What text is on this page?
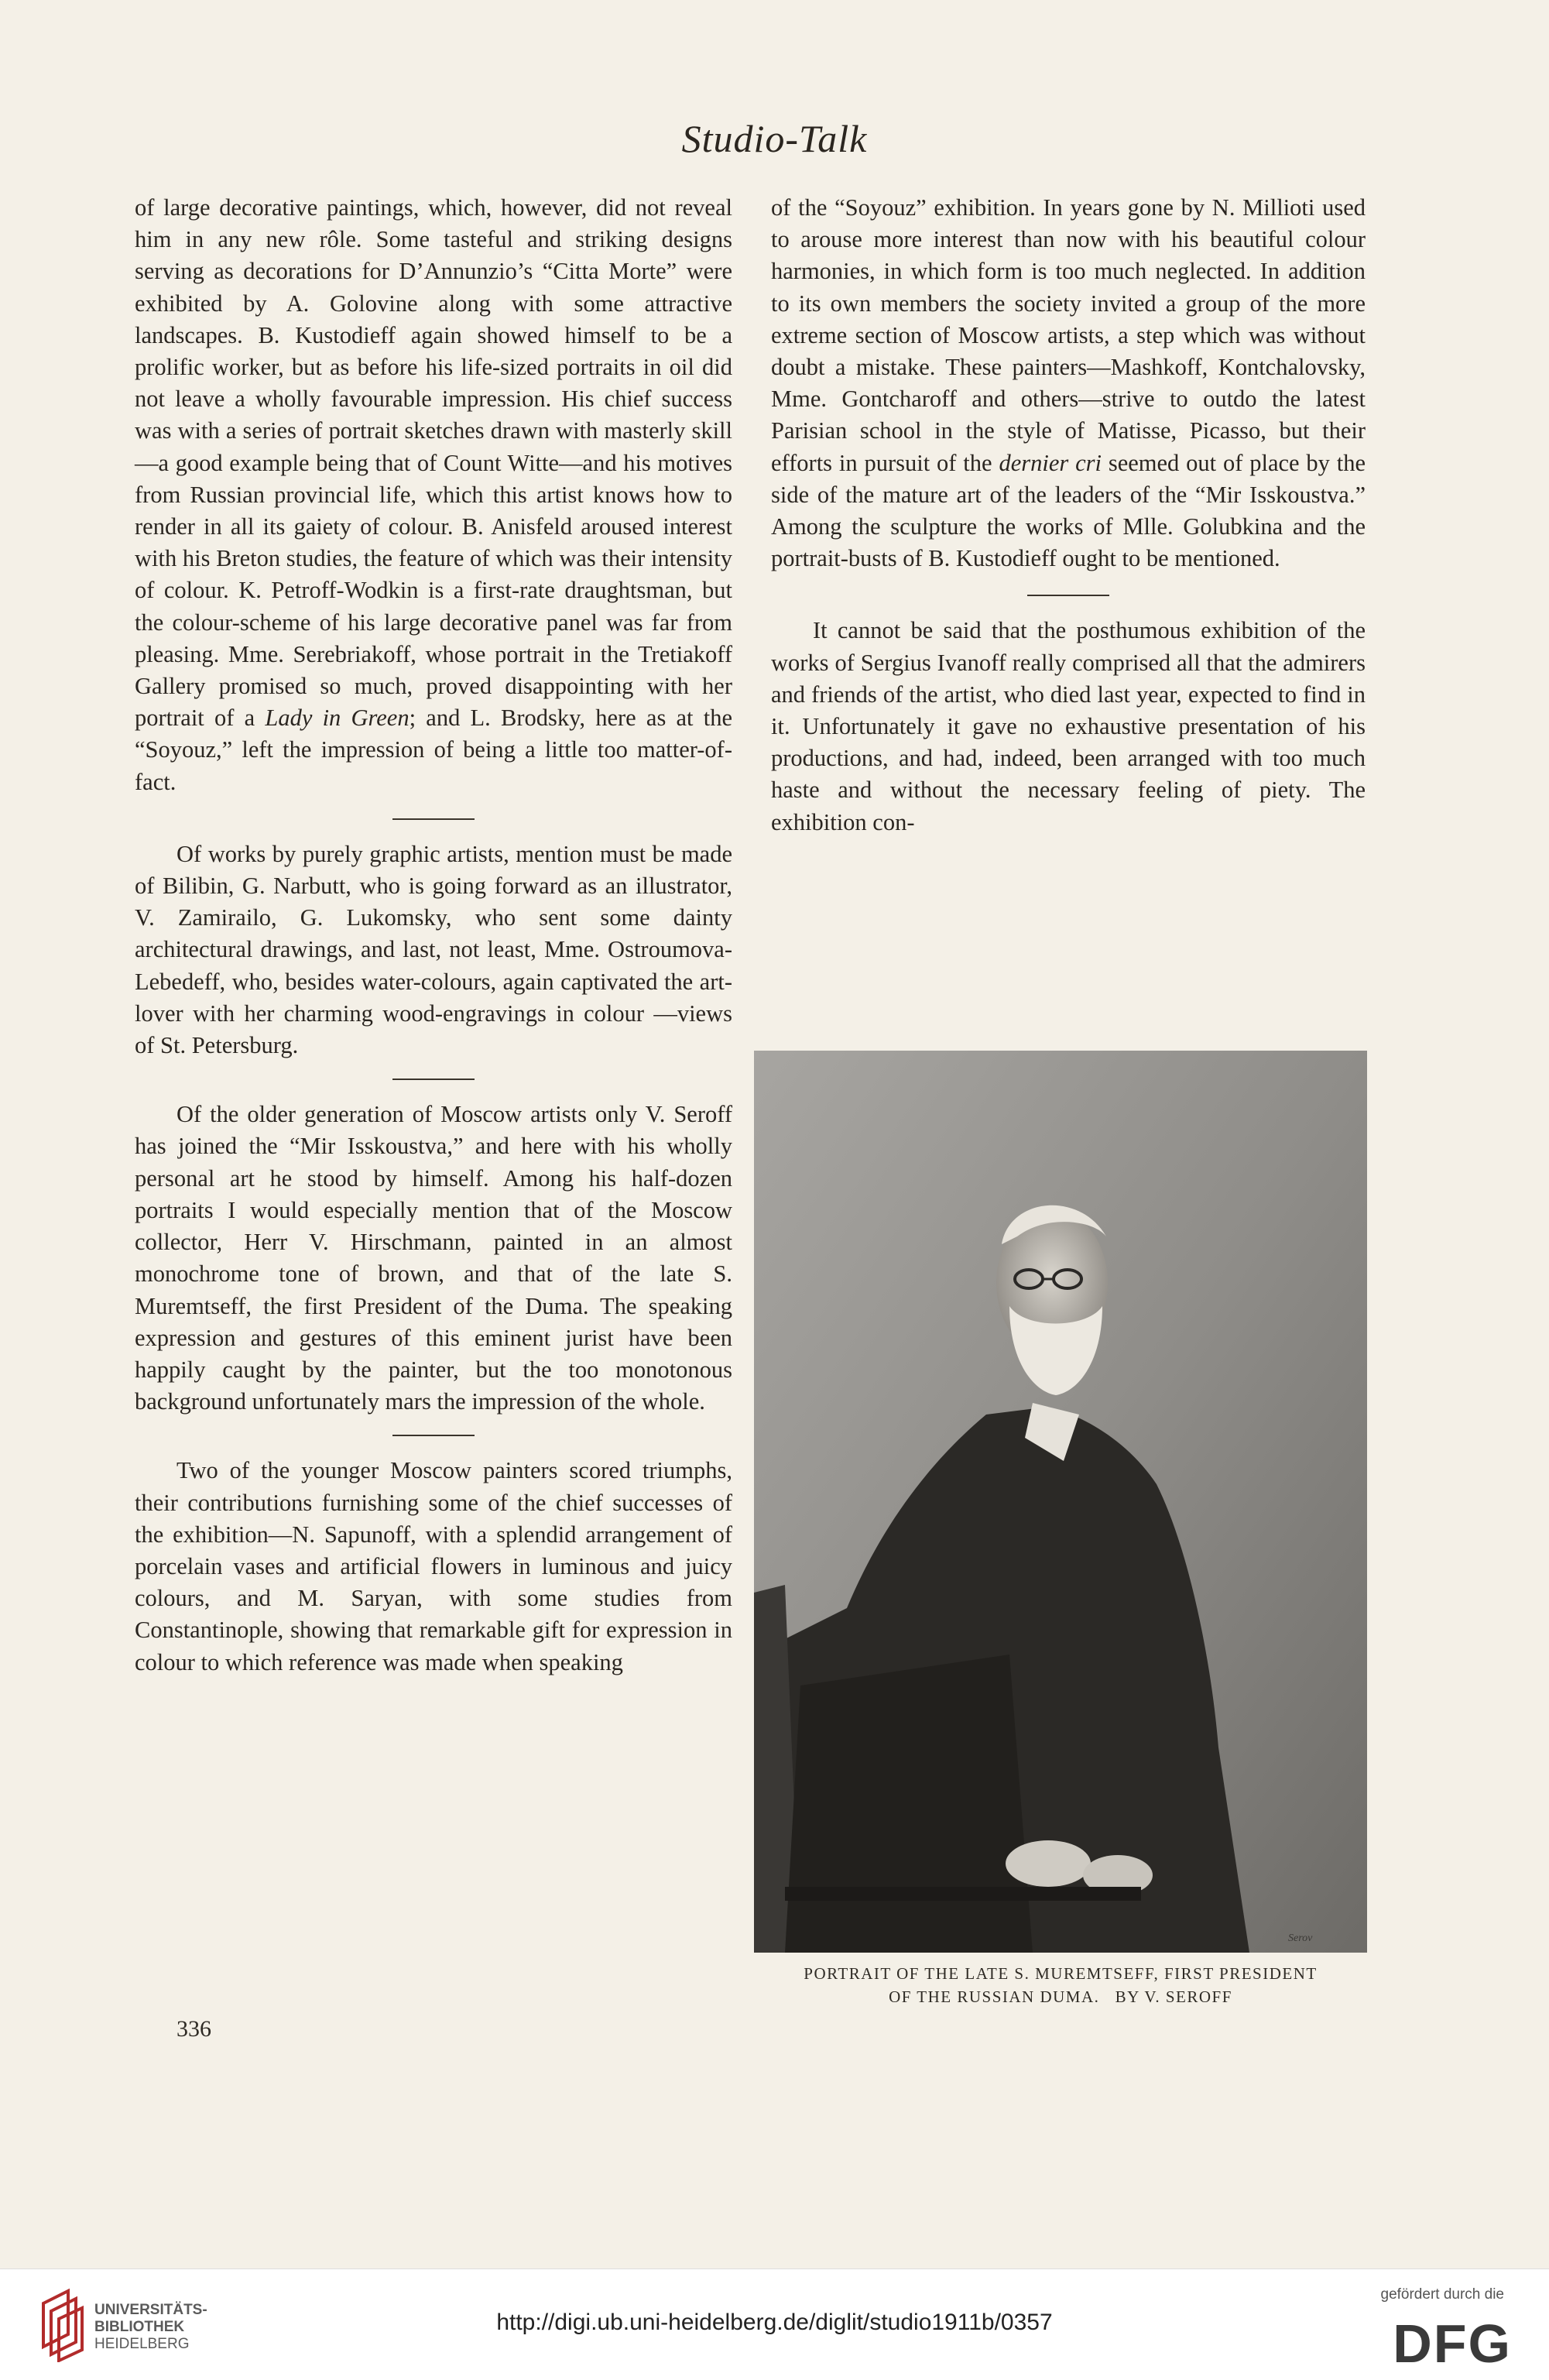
Studio-Talk

of large decorative paintings, which, however, did not reveal him in any new rôle. Some tasteful and striking designs serving as decorations for D’Annunzio’s “Citta Morte” were exhibited by A. Golovine along with some attractive landscapes. B. Kustodieff again showed himself to be a prolific worker, but as before his life-sized portraits in oil did not leave a wholly favourable impression. His chief success was with a series of portrait sketches drawn with masterly skill—a good example being that of Count Witte—and his motives from Russian provincial life, which this artist knows how to render in all its gaiety of colour. B. Anisfeld aroused interest with his Breton studies, the feature of which was their intensity of colour. K. Petroff-Wodkin is a first-rate draughtsman, but the colour-scheme of his large decorative panel was far from pleasing. Mme. Serebriakoff, whose portrait in the Tretiakoff Gallery promised so much, proved disappointing with her portrait of a Lady in Green; and L. Brodsky, here as at the “Soyouz,” left the impression of being a little too matter-of-fact.

Of works by purely graphic artists, mention must be made of Bilibin, G. Narbutt, who is going forward as an illustrator, V. Zamirailo, G. Lukomsky, who sent some dainty architectural drawings, and last, not least, Mme. Ostroumova-Lebedeff, who, besides water-colours, again captivated the art-lover with her charming wood-engravings in colour —views of St. Petersburg.

Of the older generation of Moscow artists only V. Seroff has joined the “Mir Isskoustva,” and here with his wholly personal art he stood by himself. Among his half-dozen portraits I would especially mention that of the Moscow collector, Herr V. Hirschmann, painted in an almost monochrome tone of brown, and that of the late S. Muremtseff, the first President of the Duma. The speaking expression and gestures of this eminent jurist have been happily caught by the painter, but the too monotonous background unfortunately mars the impression of the whole.

Two of the younger Moscow painters scored triumphs, their contributions furnishing some of the chief successes of the exhibition—N. Sapunoff, with a splendid arrangement of porcelain vases and artificial flowers in luminous and juicy colours, and M. Saryan, with some studies from Constantinople, showing that remarkable gift for expression in colour to which reference was made when speaking

of the “Soyouz” exhibition. In years gone by N. Millioti used to arouse more interest than now with his beautiful colour harmonies, in which form is too much neglected. In addition to its own members the society invited a group of the more extreme section of Moscow artists, a step which was without doubt a mistake. These painters—Mashkoff, Kontchalovsky, Mme. Gontcharoff and others—strive to outdo the latest Parisian school in the style of Matisse, Picasso, but their efforts in pursuit of the dernier cri seemed out of place by the side of the mature art of the leaders of the “Mir Isskoustva.” Among the sculpture the works of Mlle. Golubkina and the portrait-busts of B. Kustodieff ought to be mentioned.

It cannot be said that the posthumous exhibition of the works of Sergius Ivanoff really comprised all that the admirers and friends of the artist, who died last year, expected to find in it. Unfortunately it gave no exhaustive presentation of his productions, and had, indeed, been arranged with too much haste and without the necessary feeling of piety. The exhibition con-

Serov
PORTRAIT OF THE LATE S. MUREMTSEFF, FIRST PRESIDENT
OF THE RUSSIAN DUMA.   BY V. SEROFF
336
UNIVERSITÄTS-
BIBLIOTHEK
HEIDELBERG
http://digi.ub.uni-heidelberg.de/diglit/studio1911b/0357
gefördert durch die
DFG
